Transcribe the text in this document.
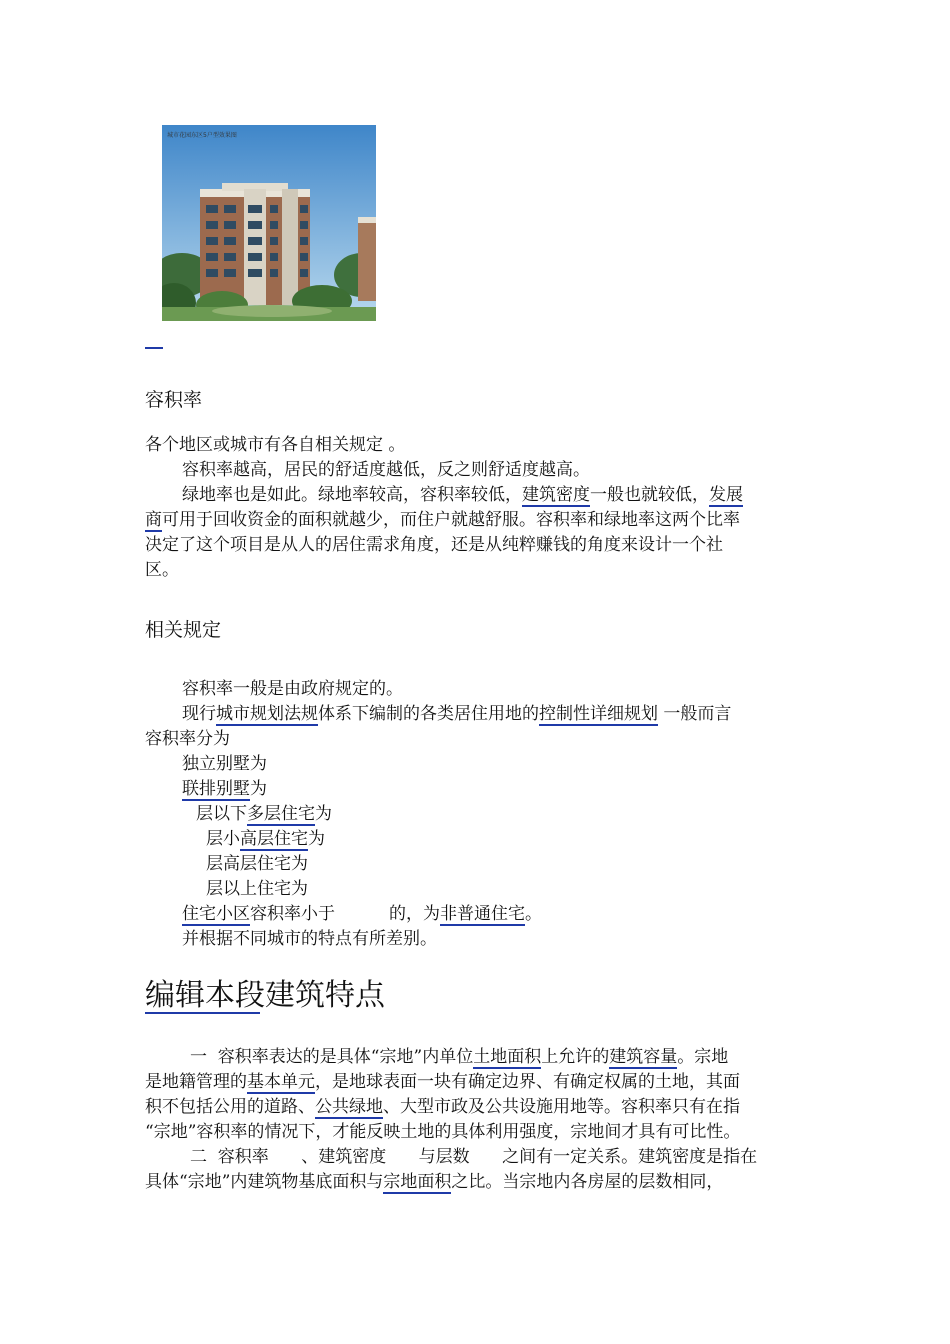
城市花园东区5户型效果图
容积率
各个地区或城市有各自相关规定 。
容积率越高，居民的舒适度越低，反之则舒适度越高。
绿地率也是如此。绿地率较高，容积率较低，建筑密度一般也就较低，发展
商可用于回收资金的面积就越少，而住户就越舒服。容积率和绿地率这两个比率
决定了这个项目是从人的居住需求角度，还是从纯粹赚钱的角度来设计一个社
区。
相关规定
容积率一般是由政府规定的。
现行城市规划法规体系下编制的各类居住用地的控制性详细规划 一般而言
容积率分为
独立别墅为
联排别墅为
层以下多层住宅为
层小高层住宅为
层高层住宅为
层以上住宅为
住宅小区容积率小于          的，为非普通住宅。
并根据不同城市的特点有所差别。
编辑本段建筑特点
一  容积率表达的是具体“宗地”内单位土地面积上允许的建筑容量。宗地
是地籍管理的基本单元，是地球表面一块有确定边界、有确定权属的土地，其面
积不包括公用的道路、公共绿地、大型市政及公共设施用地等。容积率只有在指
“宗地”容积率的情况下，才能反映土地的具体利用强度，宗地间才具有可比性。
二  容积率      、建筑密度      与层数      之间有一定关系。建筑密度是指在
具体“宗地”内建筑物基底面积与宗地面积之比。当宗地内各房屋的层数相同，
